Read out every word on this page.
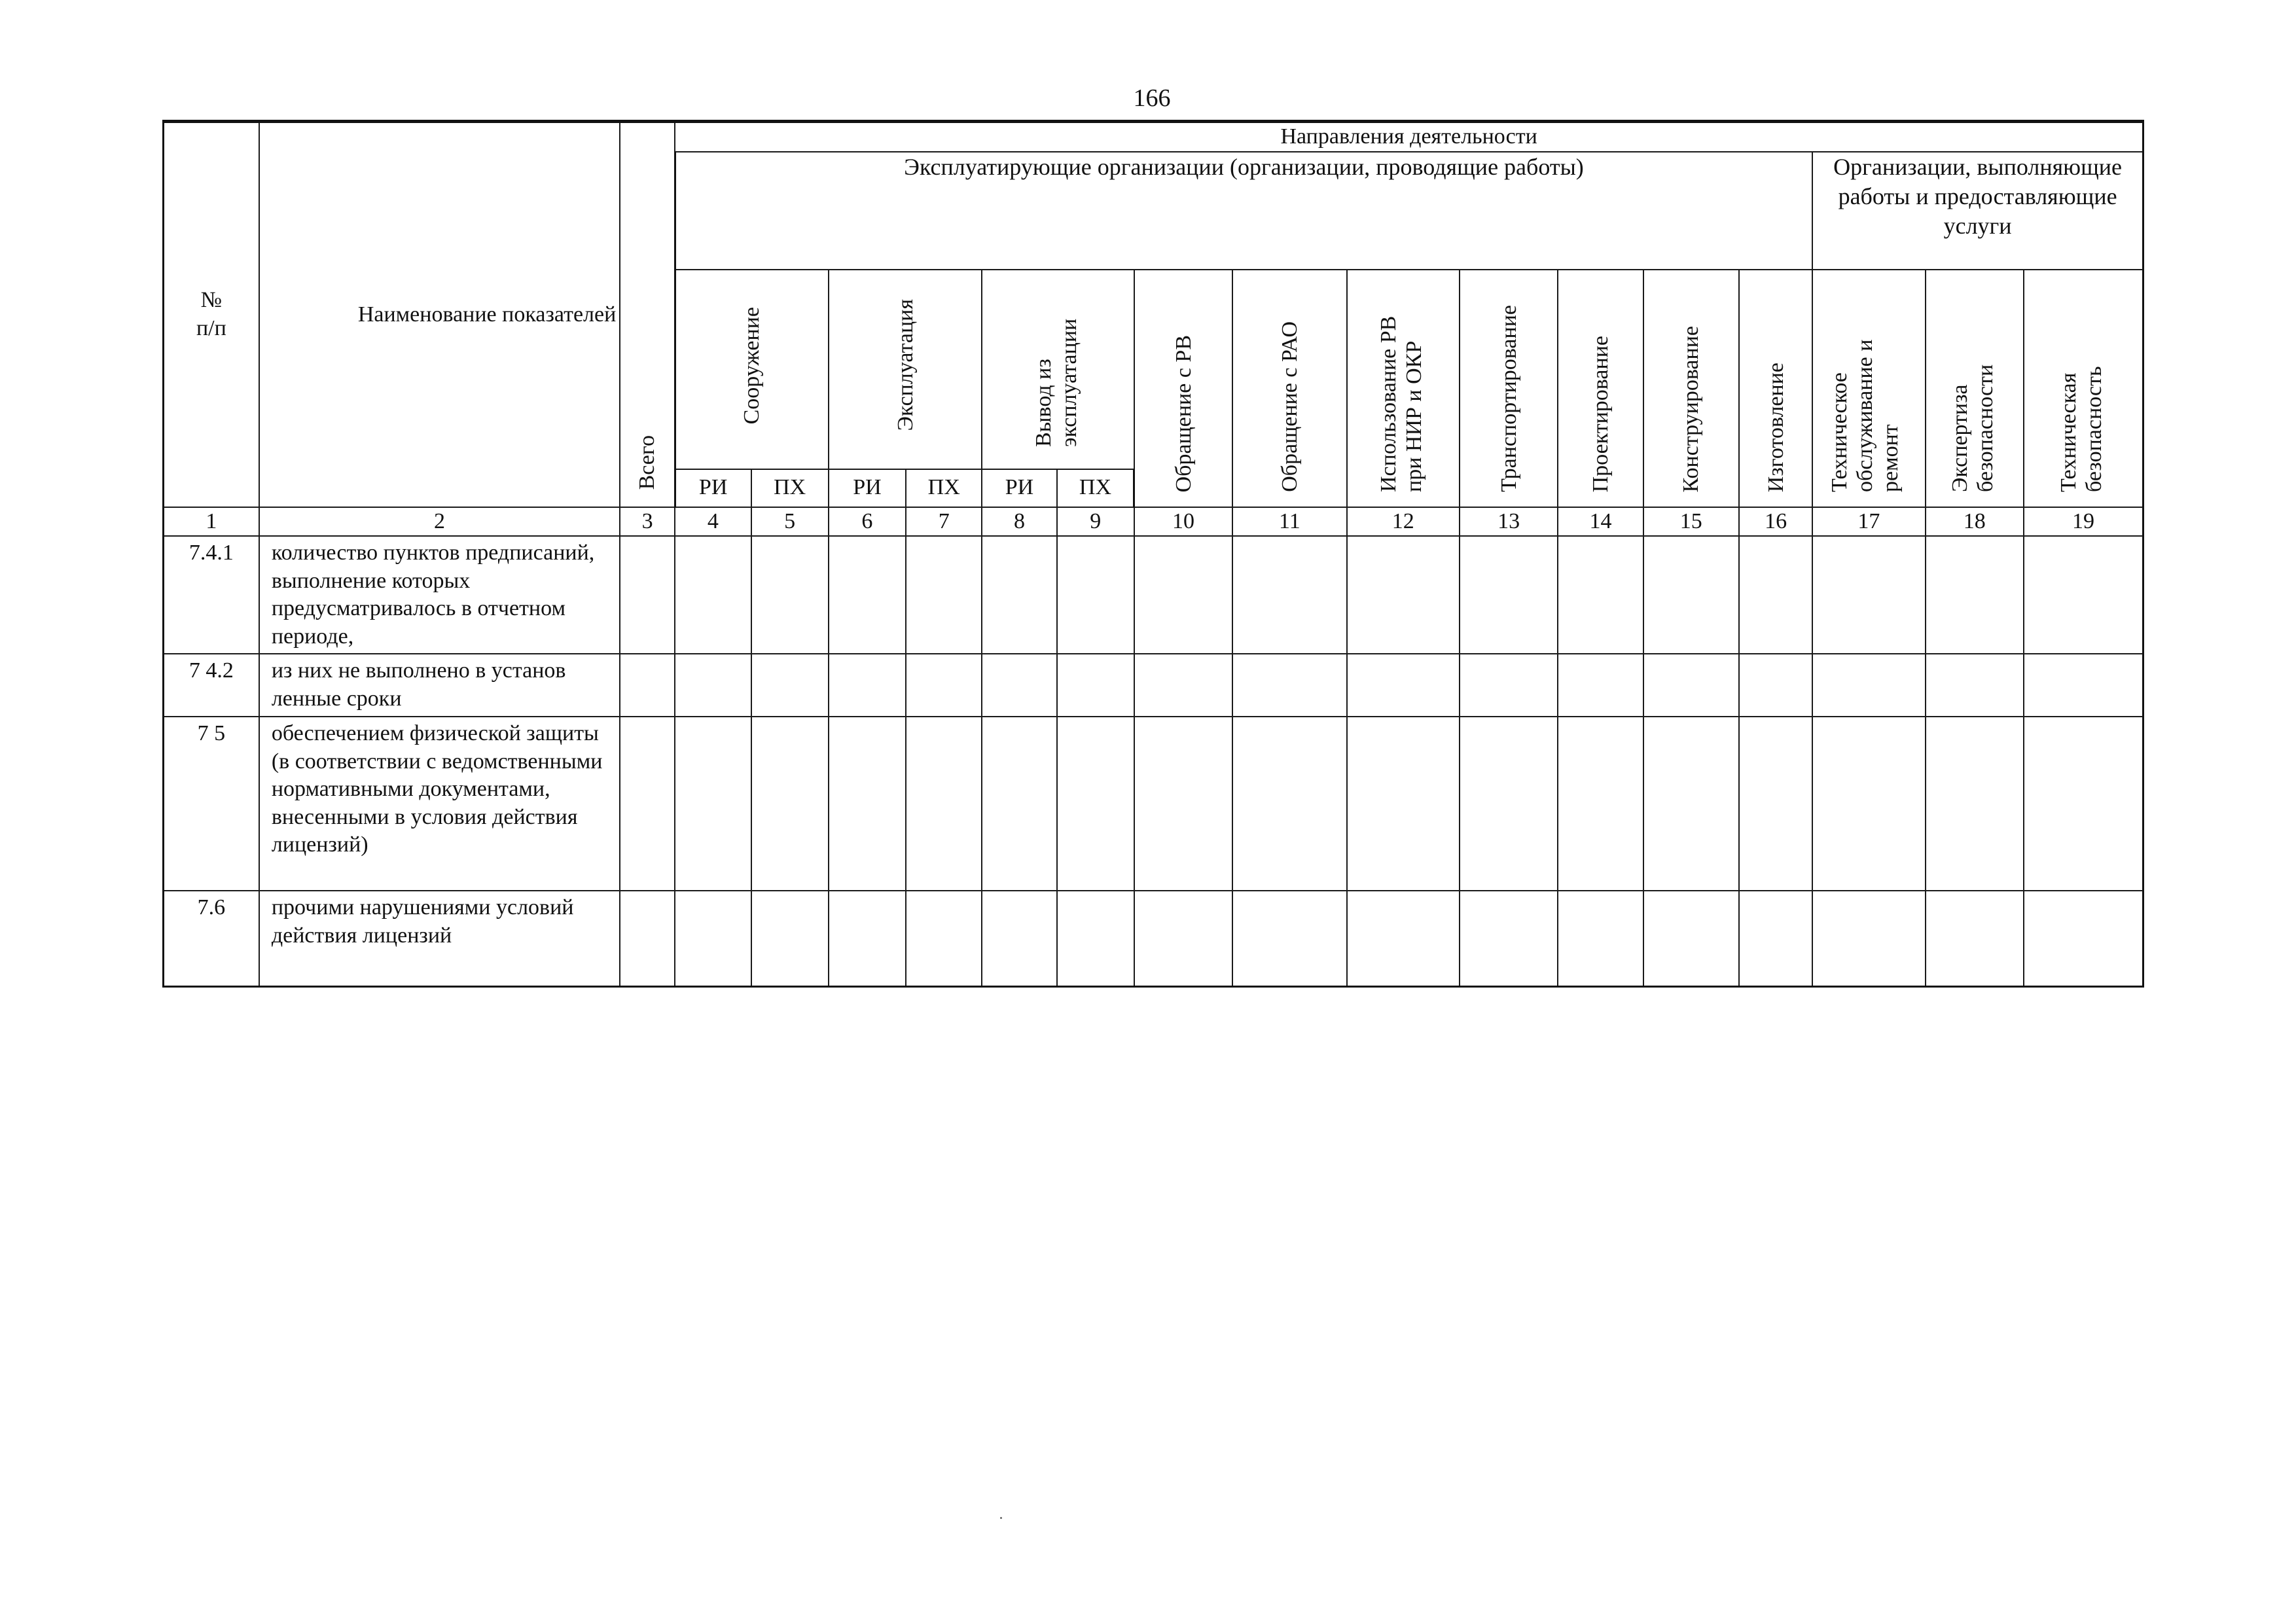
166
№
п/п	Наименование показателей	Всего	Направления деятельности															
			Эксплуатирующие организации (организации, проводящие работы)													Организации, выполняющие работы и предоставляющие услуги		
			Сооружение		Эксплуатация		Вывод из эксплуатации		Обращение с РВ	Обращение с РАО	Использование РВ при НИР и ОКР	Транспортирование	Проектирование	Конструирование	Изготовление	Техническое обслуживание и ремонт	Экспертиза безопасности	Техническая безопасность
			РИ	ПХ	РИ	ПХ	РИ	ПХ										
1	2	3	4	5	6	7	8	9	10	11	12	13	14	15	16	17	18	19
7.4.1	количество пунктов предписаний, выполнение которых предусматривалось в отчетном периоде,																	
7 4.2	из них не выполнено в установ ленные сроки																	
7 5	обеспечением физической защиты (в соответствии с ведомственными нормативными документами, внесенными в условия действия лицензий)																	
7.6	прочими нарушениями условий действия лицензий																	
